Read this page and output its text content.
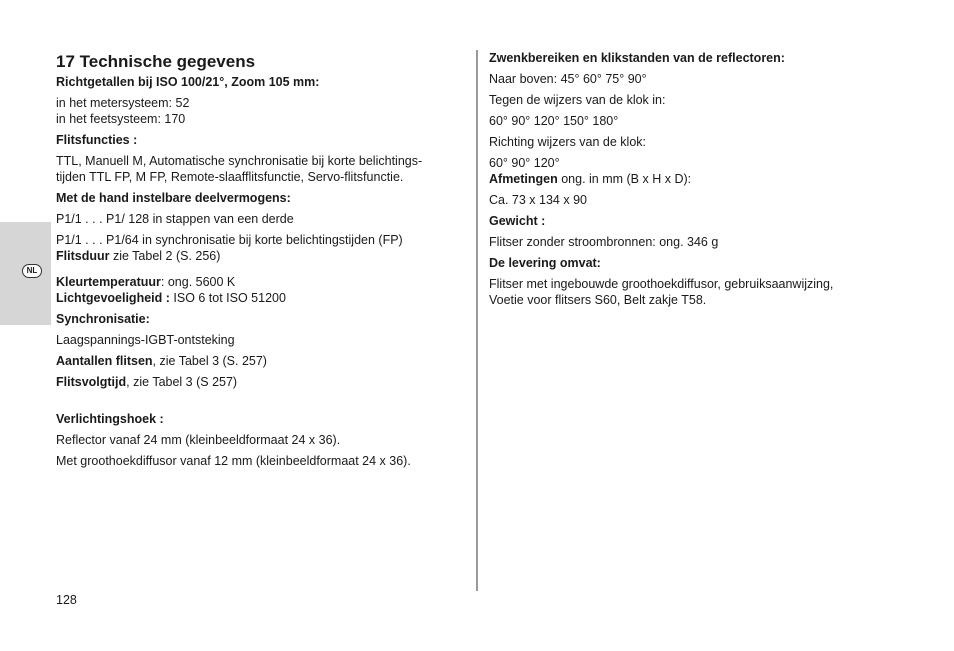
NL
17 Technische gegevens
Richtgetallen bij ISO 100/21°, Zoom 105 mm:
in het metersysteem: 52
in het feetsysteem: 170
Flitsfuncties :
TTL, Manuell M, Automatische synchronisatie bij korte belichtings-
tijden TTL FP, M FP, Remote-slaafflitsfunctie, Servo-flitsfunctie.
Met de hand instelbare deelvermogens:
P1/1 . . . P1/ 128 in stappen van een derde
P1/1 . . . P1/64 in synchronisatie bij korte belichtingstijden (FP)
Flitsduur zie Tabel 2 (S. 256)
Kleurtemperatuur: ong. 5600 K
Lichtgevoeligheid : ISO 6 tot ISO 51200
Synchronisatie:
Laagspannings-IGBT-ontsteking
Aantallen flitsen, zie Tabel 3 (S. 257)
Flitsvolgtijd, zie Tabel 3 (S 257)
Verlichtingshoek :
Reflector vanaf 24 mm (kleinbeeldformaat 24 x 36).
Met groothoekdiffusor vanaf 12 mm (kleinbeeldformaat 24 x 36).
Zwenkbereiken en klikstanden van de reflectoren:
Naar boven: 45° 60° 75° 90°
Tegen de wijzers van de klok in:
60° 90° 120° 150° 180°
Richting wijzers van de klok:
60° 90° 120°
Afmetingen ong. in mm (B x H x D):
Ca. 73 x 134 x 90
Gewicht :
Flitser zonder stroombronnen: ong. 346 g
De levering omvat:
Flitser met ingebouwde groothoekdiffusor, gebruiksaanwijzing,
Voetie voor flitsers S60, Belt zakje T58.
128
